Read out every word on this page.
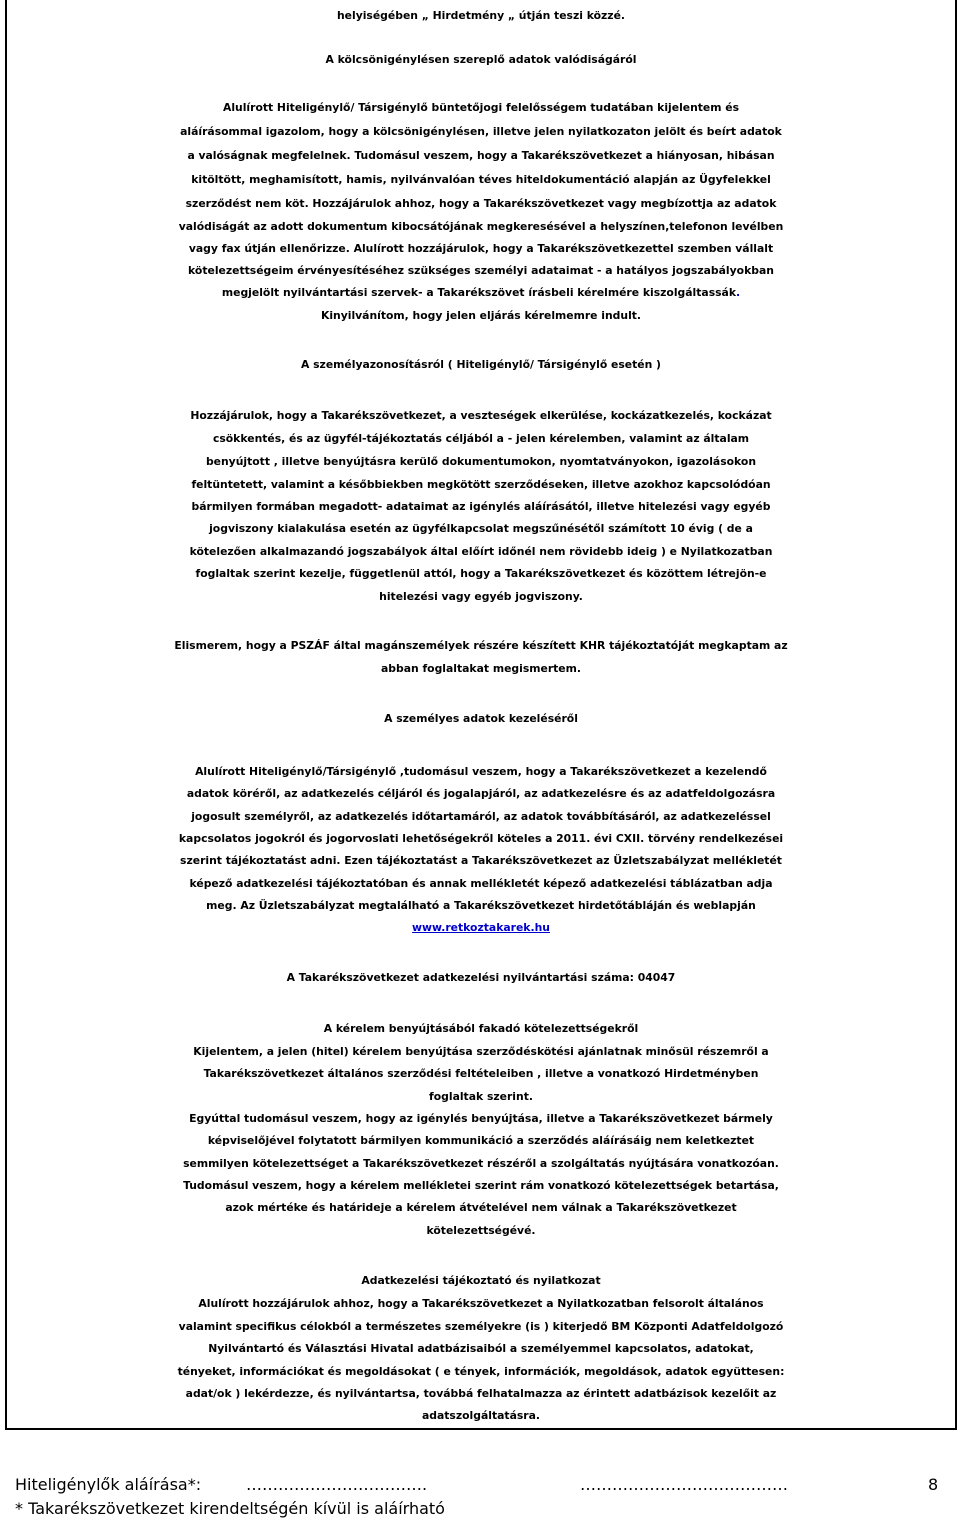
helyiségében „ Hirdetmény „ útján teszi közzé.
A kölcsönigénylésen szereplő adatok valódiságáról
Alulírott Hiteligénylő/ Társigénylő büntetőjogi felelősségem tudatában kijelentem és
aláírásommal igazolom, hogy a kölcsönigénylésen, illetve jelen nyilatkozaton jelölt és beírt adatok
a valóságnak megfelelnek. Tudomásul veszem, hogy a Takarékszövetkezet a hiányosan, hibásan
kitöltött, meghamisított, hamis, nyilvánvalóan téves hiteldokumentáció alapján az Ügyfelekkel
szerződést nem köt. Hozzájárulok ahhoz, hogy a Takarékszövetkezet vagy megbízottja az adatok
valódiságát az adott dokumentum kibocsátójának megkeresésével a helyszínen,telefonon levélben
vagy fax útján ellenőrizze. Alulírott hozzájárulok, hogy a Takarékszövetkezettel szemben vállalt
kötelezettségeim érvényesítéséhez szükséges személyi adataimat - a hatályos jogszabályokban
megjelölt nyilvántartási szervek- a Takarékszövet írásbeli kérelmére kiszolgáltassák.
Kinyilvánítom, hogy jelen eljárás kérelmemre indult.
A személyazonosításról ( Hiteligénylő/ Társigénylő esetén )
Hozzájárulok, hogy a Takarékszövetkezet, a veszteségek elkerülése, kockázatkezelés, kockázat
csökkentés, és az ügyfél-tájékoztatás céljából a - jelen kérelemben, valamint az általam
benyújtott , illetve benyújtásra kerülő dokumentumokon, nyomtatványokon, igazolásokon
feltüntetett, valamint a későbbiekben megkötött szerződéseken, illetve azokhoz kapcsolódóan
bármilyen formában megadott- adataimat az igénylés aláírásától, illetve hitelezési vagy egyéb
jogviszony kialakulása esetén az ügyfélkapcsolat megszűnésétől számított 10 évig ( de a
kötelezően alkalmazandó jogszabályok által előírt időnél nem rövidebb ideig ) e Nyilatkozatban
foglaltak szerint kezelje, függetlenül attól, hogy a Takarékszövetkezet és közöttem létrejön-e
hitelezési vagy egyéb jogviszony.
Elismerem, hogy a PSZÁF által magánszemélyek részére készített KHR tájékoztatóját megkaptam az
abban foglaltakat megismertem.
A személyes adatok kezeléséről
Alulírott Hiteligénylő/Társigénylő ,tudomásul veszem, hogy a Takarékszövetkezet a kezelendő
adatok köréről, az adatkezelés céljáról és jogalapjáról, az adatkezelésre és az adatfeldolgozásra
jogosult személyről, az adatkezelés időtartamáról, az adatok továbbításáról, az adatkezeléssel
kapcsolatos jogokról és jogorvoslati lehetőségekről köteles a 2011. évi CXII. törvény rendelkezései
szerint tájékoztatást adni. Ezen tájékoztatást a Takarékszövetkezet az Üzletszabályzat mellékletét
képező adatkezelési tájékoztatóban és annak mellékletét képező adatkezelési táblázatban adja
meg. Az Üzletszabályzat megtalálható a Takarékszövetkezet hirdetőtábláján és weblapján
www.retkoztakarek.hu
A Takarékszövetkezet adatkezelési nyilvántartási száma: 04047
A kérelem benyújtásából fakadó kötelezettségekről
Kijelentem, a jelen (hitel) kérelem benyújtása szerződéskötési ajánlatnak minősül részemről a
Takarékszövetkezet általános szerződési feltételeiben , illetve a vonatkozó Hirdetményben
foglaltak szerint.
Egyúttal tudomásul veszem, hogy az igénylés benyújtása, illetve a Takarékszövetkezet bármely
képviselőjével folytatott bármilyen kommunikáció a szerződés aláírásáig nem keletkeztet
semmilyen kötelezettséget a Takarékszövetkezet részéről a szolgáltatás nyújtására vonatkozóan.
Tudomásul veszem, hogy a kérelem mellékletei szerint rám vonatkozó kötelezettségek betartása,
azok mértéke és határideje a kérelem átvételével nem válnak a Takarékszövetkezet
kötelezettségévé.
Adatkezelési tájékoztató és nyilatkozat
Alulírott hozzájárulok ahhoz, hogy a Takarékszövetkezet a Nyilatkozatban felsorolt általános
valamint specifikus célokból a természetes személyekre (is ) kiterjedő BM Központi Adatfeldolgozó
Nyilvántartó és Választási Hivatal adatbázisaiból a személyemmel kapcsolatos, adatokat,
tényeket, információkat és megoldásokat ( e tények, információk, megoldások, adatok együttesen:
adat/ok ) lekérdezze, és nyilvántartsa, továbbá felhatalmazza az érintett adatbázisok kezelőit az
adatszolgáltatásra.
Hiteligénylők aláírása*:	…………………………….	…………………………………	8
* Takarékszövetkezet kirendeltségén kívül is aláírható
